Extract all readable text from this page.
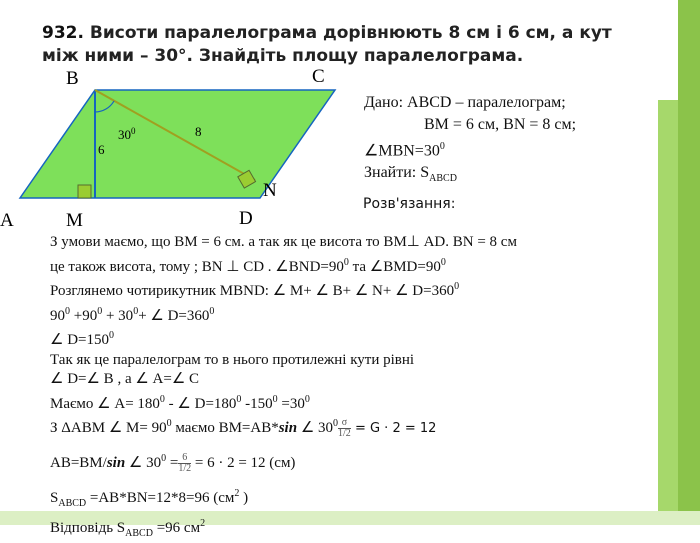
932. Висоти паралелограма дорівнюють 8 см і 6 см, а кут
між ними – 30°. Знайдіть площу паралелограма.
B	C
A	M	D
N
6
8
$30^0$
Дано: ABCD – паралелограм;
BM = 6 см, BN = 8 см;
$\angle MBN=30^0$
Знайти: $S_{ABCD}$
Розв'язання:
З умови маємо, що ВМ = 6 см. а так як це висота то ВМ⊥ AD. BN = 8 см
це також висота, тому ; BN ⊥ CD . $\angle BND=90^0$ та $\angle BMD=90^0$
Розглянемо чотирикутник MBND: ∠ M+ ∠ B+ ∠ N+ ∠ $D=360^0$
$90^0 +90^0 + 30^0+$ ∠ $D=360^0$
∠ $D=150^0$
Так як це паралелограм то в нього протилежні кути рівні
∠ D=∠ B , а ∠ A=∠ C
Маємо ∠ $A= 180^0$ - ∠ $D=180^0$ $-150^0 =30^0$
З ΔABM ∠ $M= 90^0$ маємо BM=AB*sin ∠ $30^0 \frac{\sigma}{1/2} = G \cdot 2 = 12$
AB=BM/sin ∠ $30^0 = \frac{6}{1/2} = 6 \cdot 2 = 12$ (см)
$S_{ABCD} =AB*BN=12*8=96$ ($см^2$ )
Відповідь $S_{ABCD} =96$ $см^2$
